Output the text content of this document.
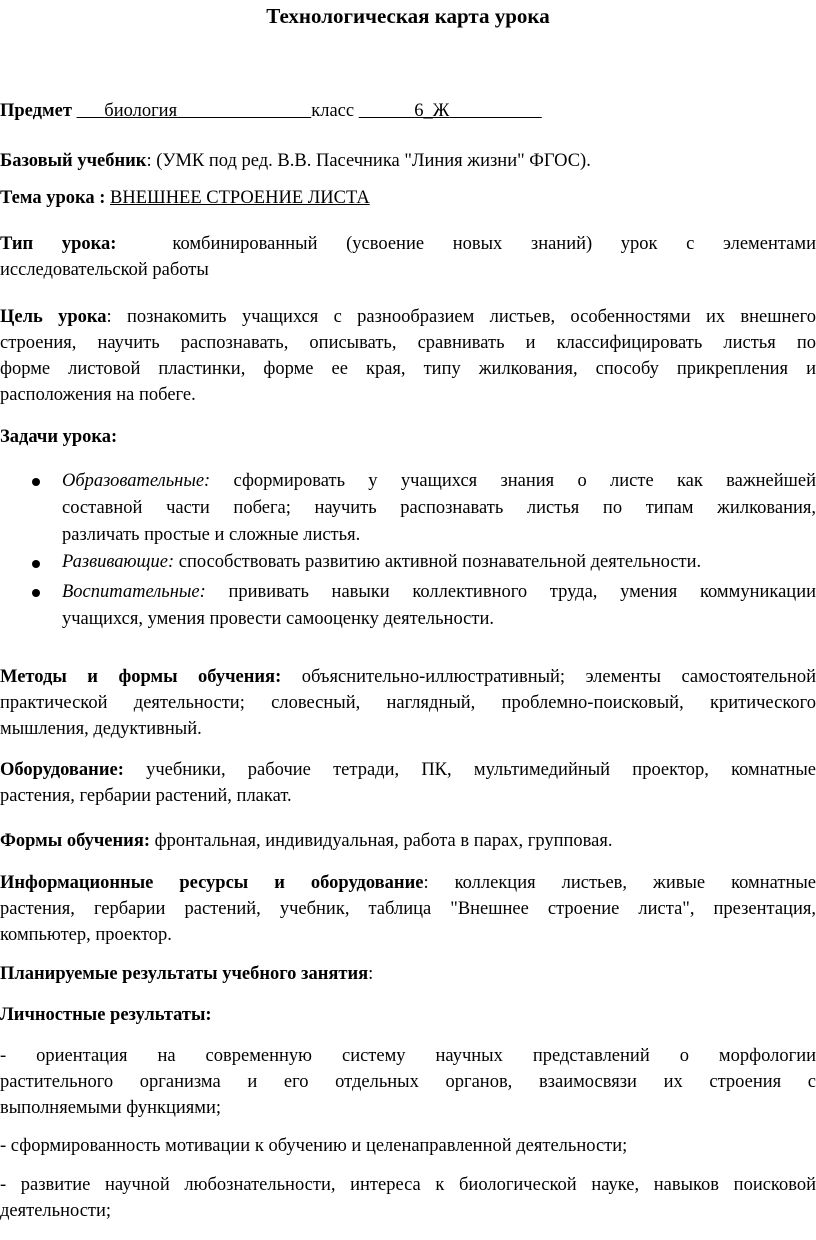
Технологическая карта урока
Предмет биология	класс	6_Ж
Базовый учебник: (УМК под ред. В.В. Пасечника "Линия жизни" ФГОС).
Тема урока : ВНЕШНЕЕ СТРОЕНИЕ ЛИСТА
Тип урока:	комбинированный (усвоение новых знаний) урок с элементами
исследовательской работы
Цель урока: познакомить учащихся с разнообразием листьев, особенностями их внешнего
строения, научить распознавать, описывать, сравнивать и классифицировать листья по
форме листовой пластинки, форме ее края, типу жилкования, способу прикрепления и
расположения на побеге.
Задачи урока:
Образовательные: сформировать у учащихся знания о листе как важнейшей
составной части побега; научить распознавать листья по типам жилкования,
различать простые и сложные листья.
Развивающие: способствовать развитию активной познавательной деятельности.
Воспитательные: прививать навыки коллективного труда, умения коммуникации
учащихся, умения провести самооценку деятельности.
Методы и формы обучения: объяснительно-иллюстративный; элементы самостоятельной
практической деятельности; словесный, наглядный, проблемно-поисковый, критического
мышления, дедуктивный.
Оборудование: учебники, рабочие тетради, ПК, мультимедийный проектор, комнатные
растения, гербарии растений, плакат.
Формы обучения: фронтальная, индивидуальная, работа в парах, групповая.
Информационные ресурсы и оборудование: коллекция листьев, живые комнатные
растения, гербарии растений, учебник, таблица "Внешнее строение листа", презентация,
компьютер, проектор.
Планируемые результаты учебного занятия:
Личностные результаты:
- ориентация на современную систему научных представлений о морфологии
растительного организма и его отдельных органов, взаимосвязи их строения с
выполняемыми функциями;
- сформированность мотивации к обучению и целенаправленной деятельности;
- развитие научной любознательности, интереса к биологической науке, навыков поисковой
деятельности;
